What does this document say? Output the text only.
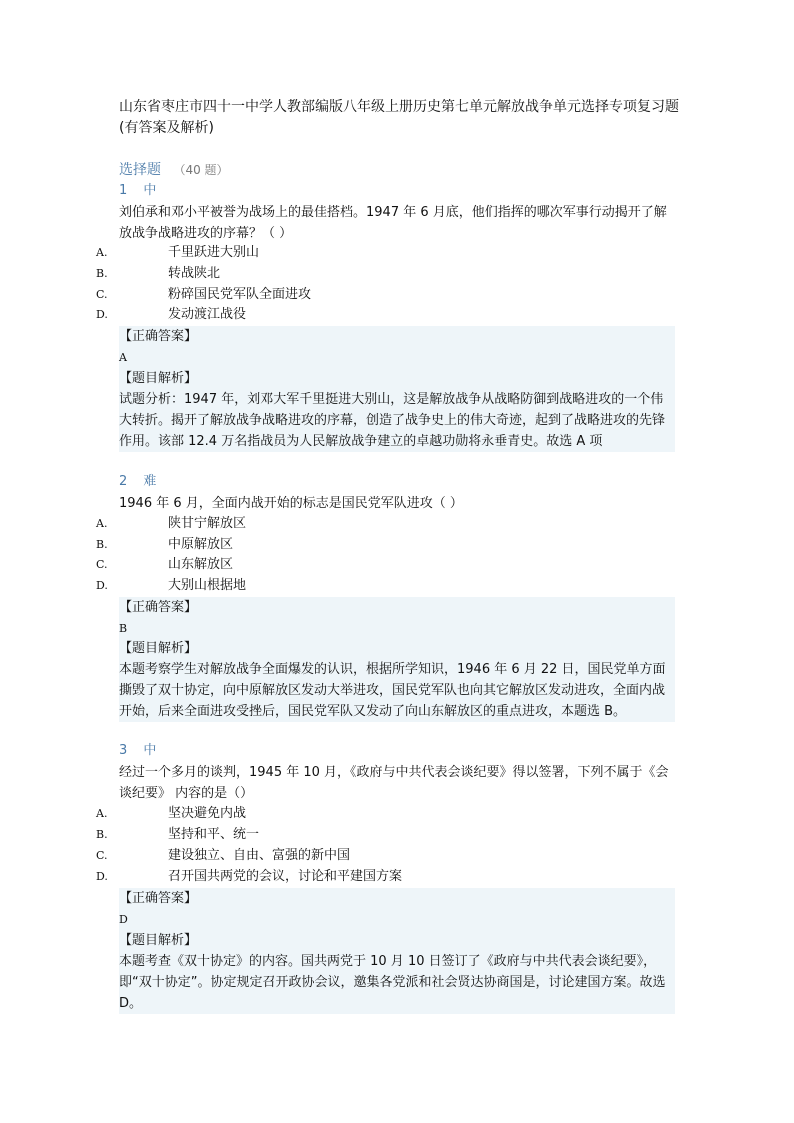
山东省枣庄市四十一中学人教部编版八年级上册历史第七单元解放战争单元选择专项复习题(有答案及解析)
选择题 （40 题）
1 中
刘伯承和邓小平被誉为战场上的最佳搭档。1947 年 6 月底，他们指挥的哪次军事行动揭开了解放战争战略进攻的序幕？（ ）
A.	千里跃进大别山
B.	转战陕北
C.	粉碎国民党军队全面进攻
D.	发动渡江战役
【正确答案】
A
【题目解析】
试题分析：1947 年，刘邓大军千里挺进大别山，这是解放战争从战略防御到战略进攻的一个伟大转折。揭开了解放战争战略进攻的序幕，创造了战争史上的伟大奇迹，起到了战略进攻的先锋作用。该部 12.4 万名指战员为人民解放战争建立的卓越功勋将永垂青史。故选 A 项
2 难
1946 年 6 月，全面内战开始的标志是国民党军队进攻（ ）
A.	陕甘宁解放区
B.	中原解放区
C.	山东解放区
D.	大别山根据地
【正确答案】
B
【题目解析】
本题考察学生对解放战争全面爆发的认识，根据所学知识，1946 年 6 月 22 日，国民党单方面撕毁了双十协定，向中原解放区发动大举进攻，国民党军队也向其它解放区发动进攻，全面内战开始，后来全面进攻受挫后，国民党军队又发动了向山东解放区的重点进攻，本题选 B。
3 中
经过一个多月的谈判，1945 年 10 月，《政府与中共代表会谈纪要》得以签署，下列不属于《会谈纪要》 内容的是（）
A.	坚决避免内战
B.	坚持和平、统一
C.	建设独立、自由、富强的新中国
D.	召开国共两党的会议，讨论和平建国方案
【正确答案】
D
【题目解析】
本题考查《双十协定》的内容。国共两党于 10 月 10 日签订了《政府与中共代表会谈纪要》，即“双十协定”。协定规定召开政协会议，邀集各党派和社会贤达协商国是，讨论建国方案。故选 D。
